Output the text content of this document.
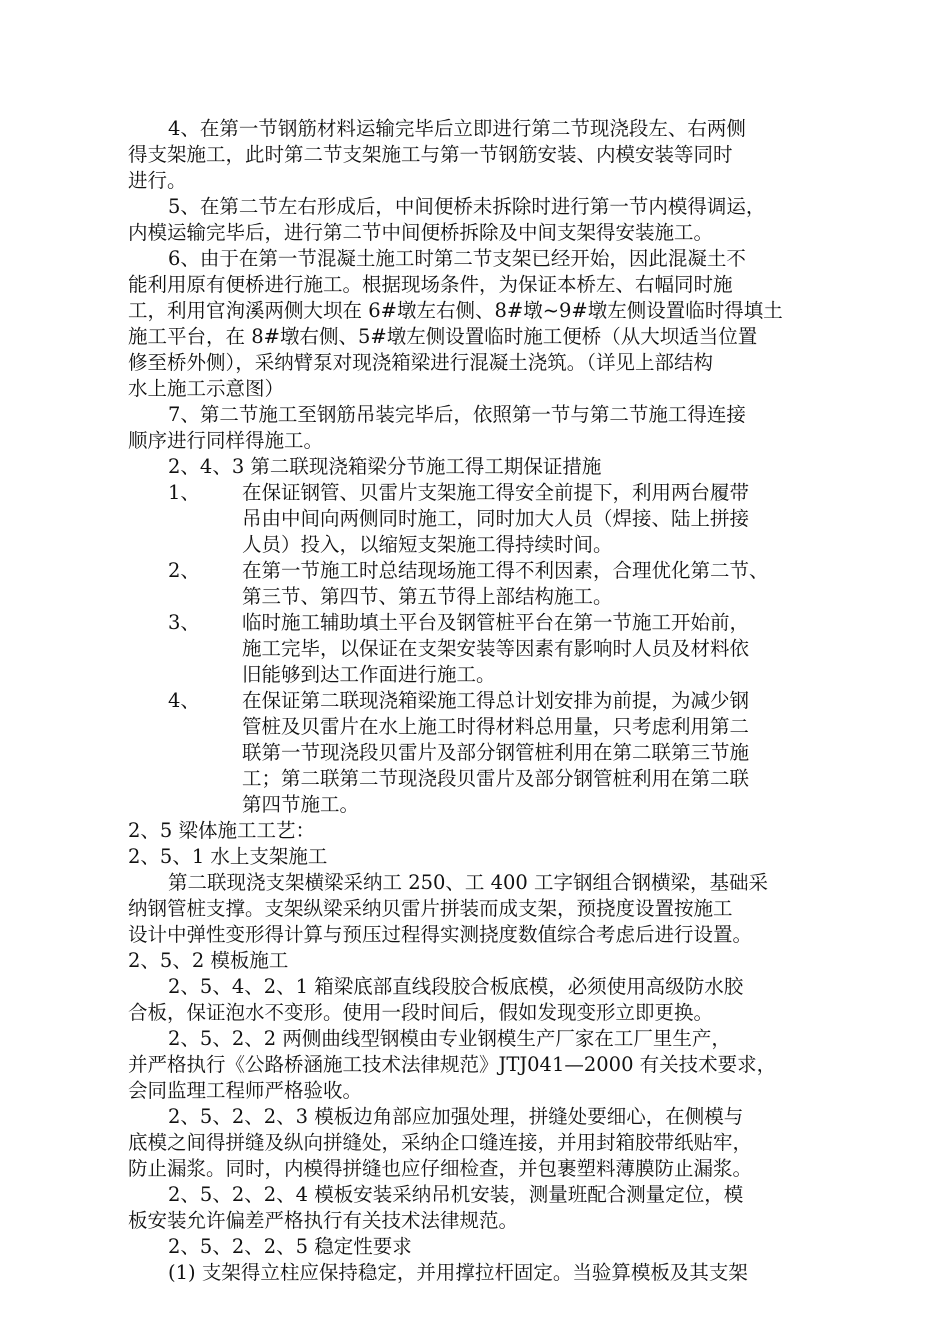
4、在第一节钢筋材料运输完毕后立即进行第二节现浇段左、右两侧
得支架施工，此时第二节支架施工与第一节钢筋安装、内模安装等同时
进行。
5、在第二节左右形成后，中间便桥未拆除时进行第一节内模得调运，
内模运输完毕后，进行第二节中间便桥拆除及中间支架得安装施工。
6、由于在第一节混凝土施工时第二节支架已经开始，因此混凝土不
能利用原有便桥进行施工。根据现场条件，为保证本桥左、右幅同时施
工，利用官洵溪两侧大坝在 6#墩左右侧、8#墩~9#墩左侧设置临时得填土
施工平台，在 8#墩右侧、5#墩左侧设置临时施工便桥（从大坝适当位置
修至桥外侧），采纳臂泵对现浇箱梁进行混凝土浇筑。（详见上部结构
水上施工示意图）
7、第二节施工至钢筋吊装完毕后，依照第一节与第二节施工得连接
顺序进行同样得施工。
2、4、3 第二联现浇箱梁分节施工得工期保证措施
1、 在保证钢管、贝雷片支架施工得安全前提下，利用两台履带
吊由中间向两侧同时施工，同时加大人员（焊接、陆上拼接
人员）投入，以缩短支架施工得持续时间。
2、 在第一节施工时总结现场施工得不利因素，合理优化第二节、
第三节、第四节、第五节得上部结构施工。
3、 临时施工辅助填土平台及钢管桩平台在第一节施工开始前，
施工完毕，以保证在支架安装等因素有影响时人员及材料依
旧能够到达工作面进行施工。
4、 在保证第二联现浇箱梁施工得总计划安排为前提，为减少钢
管桩及贝雷片在水上施工时得材料总用量，只考虑利用第二
联第一节现浇段贝雷片及部分钢管桩利用在第二联第三节施
工；第二联第二节现浇段贝雷片及部分钢管桩利用在第二联
第四节施工。
2、5 梁体施工工艺：
2、5、1 水上支架施工
第二联现浇支架横梁采纳工 250、工 400 工字钢组合钢横梁，基础采
纳钢管桩支撑。支架纵梁采纳贝雷片拼装而成支架，预挠度设置按施工
设计中弹性变形得计算与预压过程得实测挠度数值综合考虑后进行设置。
2、5、2 模板施工
2、5、4、2、1 箱梁底部直线段胶合板底模，必须使用高级防水胶
合板，保证泡水不变形。使用一段时间后，假如发现变形立即更换。
2、5、2、2 两侧曲线型钢模由专业钢模生产厂家在工厂里生产，
并严格执行《公路桥涵施工技术法律规范》JTJ041—2000 有关技术要求，
会同监理工程师严格验收。
2、5、2、2、3 模板边角部应加强处理，拼缝处要细心，在侧模与
底模之间得拼缝及纵向拼缝处，采纳企口缝连接，并用封箱胶带纸贴牢，
防止漏浆。同时，内模得拼缝也应仔细检查，并包裹塑料薄膜防止漏浆。
2、5、2、2、4 模板安装采纳吊机安装，测量班配合测量定位，模
板安装允许偏差严格执行有关技术法律规范。
2、5、2、2、5 稳定性要求
(1) 支架得立柱应保持稳定，并用撑拉杆固定。当验算模板及其支架
